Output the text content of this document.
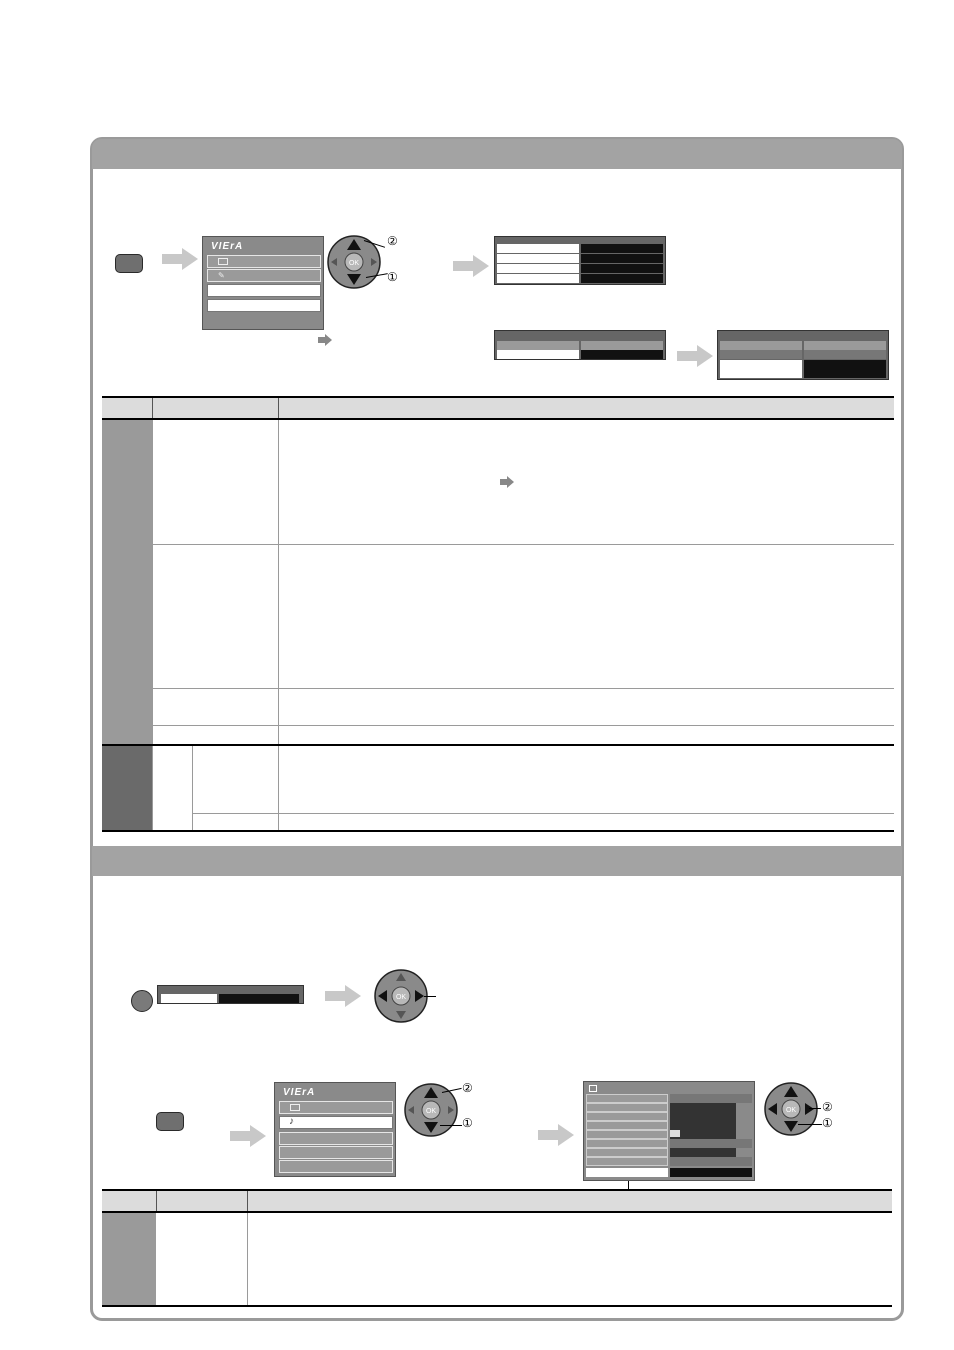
VIErA
✎
OK
②
①
OK
VIErA
♪
OK
②
①
OK ②
①
